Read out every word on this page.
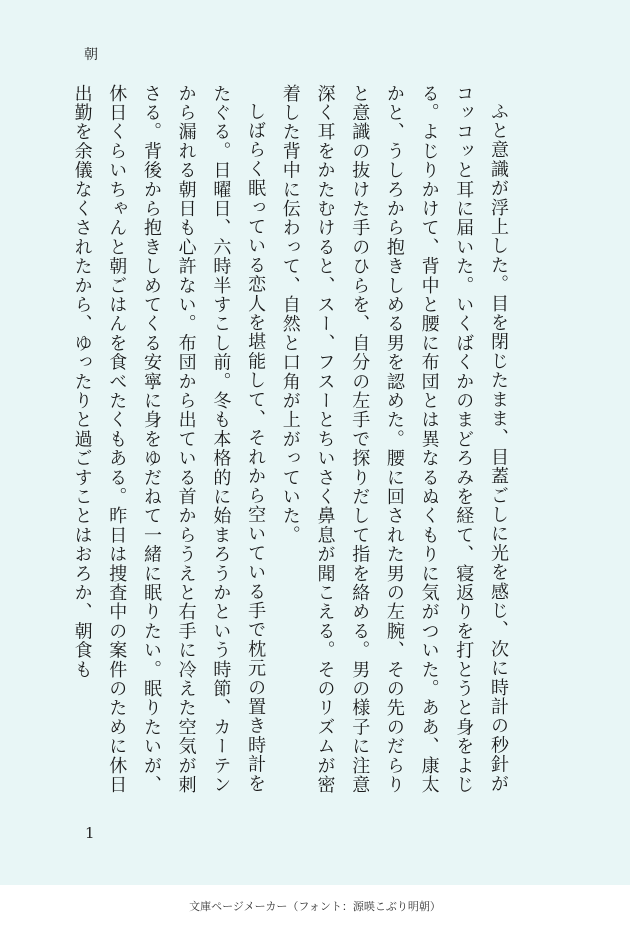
朝

ふと意識が浮上した。目を閉じたまま、目蓋ごしに光を感じ、次に時計の秒針がコッコッと耳に届いた。いくばくかのまどろみを経て、寝返りを打とうと身をよじる。よじりかけて、背中と腰に布団とは異なるぬくもりに気がついた。ああ、康太かと、うしろから抱きしめる男を認めた。腰に回された男の左腕、その先のだらりと意識の抜けた手のひらを、自分の左手で探りだして指を絡める。男の様子に注意深く耳をかたむけると、スー、フスーとちいさく鼻息が聞こえる。そのリズムが密着した背中に伝わって、自然と口角が上がっていた。

しばらく眠っている恋人を堪能して、それから空いている手で枕元の置き時計をたぐる。日曜日、六時半すこし前。冬も本格的に始まろうかという時節、カーテンから漏れる朝日も心許ない。布団から出ている首からうえと右手に冷えた空気が刺さる。背後から抱きしめてくる安寧に身をゆだねて一緒に眠りたい。眠りたいが、休日くらいちゃんと朝ごはんを食べたくもある。昨日は捜査中の案件のために休日出勤を余儀なくされたから、ゆったりと過ごすことはおろか、朝食も

1
文庫ページメーカー（フォント：源暎こぶり明朝）
